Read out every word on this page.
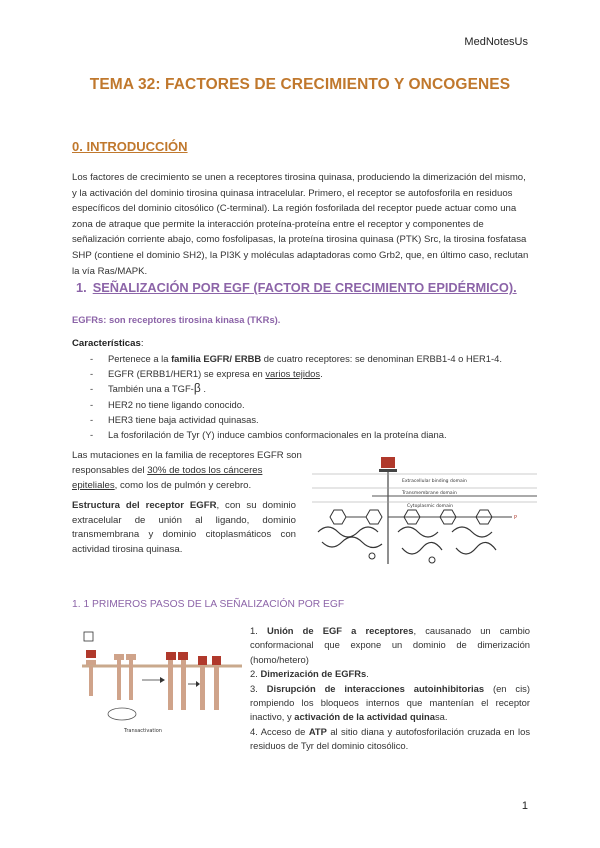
MedNotesUs
TEMA 32: FACTORES DE CRECIMIENTO Y ONCOGENES
0. INTRODUCCIÓN
Los factores de crecimiento se unen a receptores tirosina quinasa, produciendo la dimerización del mismo, y la activación del dominio tirosina quinasa intracelular. Primero, el receptor se autofosforila en residuos específicos del dominio citosólico (C-terminal). La región fosforilada del receptor puede actuar como una zona de atraque que permite la interacción proteína-proteína entre el receptor y componentes de señalización corriente abajo, como fosfolipasas, la proteína tirosina quinasa (PTK) Src, la tirosina fosfatasa SHP (contiene el dominio SH2), la PI3K y moléculas adaptadoras como Grb2, que, en último caso, reclutan la vía Ras/MAPK.
1. SEÑALIZACIÓN POR EGF (FACTOR DE CRECIMIENTO EPIDÉRMICO).
EGFRs: son receptores tirosina kinasa (TKRs).
Características:
- Pertenece a la familia EGFR/ ERBB de cuatro receptores: se denominan ERBB1-4 o HER1-4.
- EGFR (ERBB1/HER1) se expresa en varios tejidos.
- También una a TGF-β .
- HER2 no tiene ligando conocido.
- HER3 tiene baja actividad quinasas.
- La fosforilación de Tyr (Y) induce cambios conformacionales en la proteína diana.
Las mutaciones en la familia de receptores EGFR son responsables del 30% de todos los cánceres epiteliales, como los de pulmón y cerebro.
Estructura del receptor EGFR, con su dominio extracelular de unión al ligando, dominio transmembrana y dominio citoplasmáticos con actividad tirosina quinasa.
Extracellular binding domain
Transmembrane domain
Cytoplasmic domain
P
1. 1 PRIMEROS PASOS DE LA SEÑALIZACIÓN POR EGF
Transactivation

1. Unión de EGF a receptores, causanado un cambio conformacional que expone un dominio de dimerización (homo/hetero)

2. Dimerización de EGFRs.

3. Disrupción de interacciones autoinhibitorias (en cis) rompiendo los bloqueos internos que mantenían el receptor inactivo, y activación de la actividad quinasa.

4. Acceso de ATP al sitio diana y autofosforilación cruzada en los residuos de Tyr del dominio citosólico.

1
